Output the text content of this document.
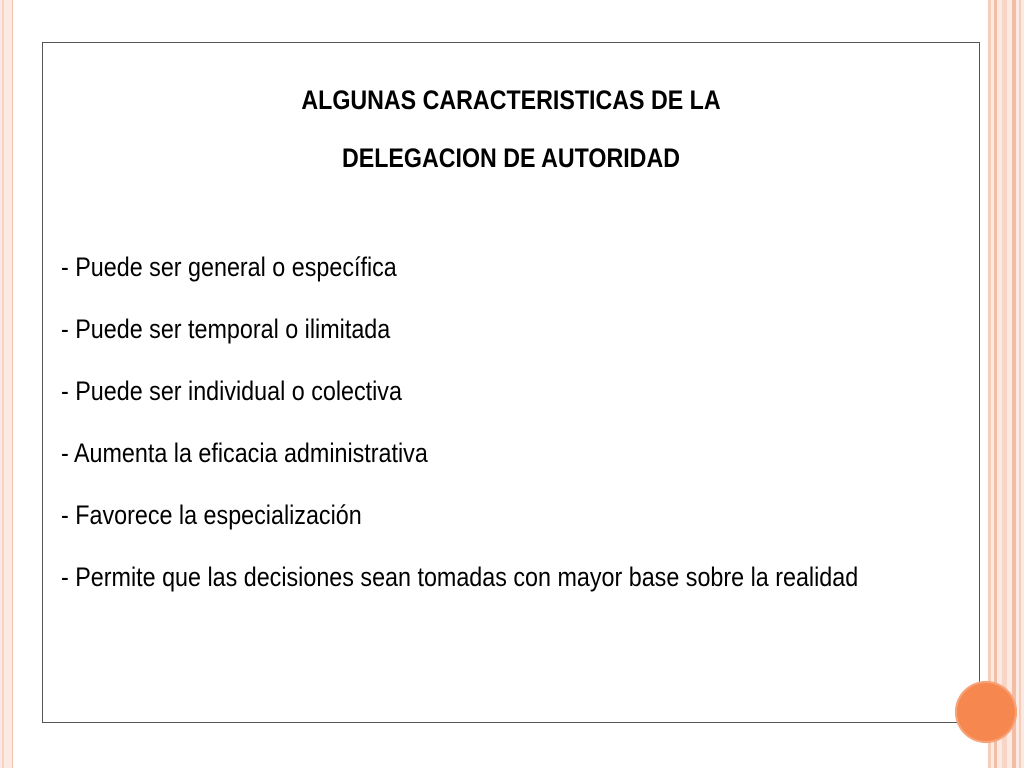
ALGUNAS CARACTERISTICAS DE LA
DELEGACION DE AUTORIDAD
- Puede ser general o específica
- Puede ser temporal o ilimitada
- Puede ser individual o colectiva
- Aumenta la eficacia administrativa
- Favorece la especialización
- Permite que las decisiones sean tomadas con mayor base sobre la realidad
